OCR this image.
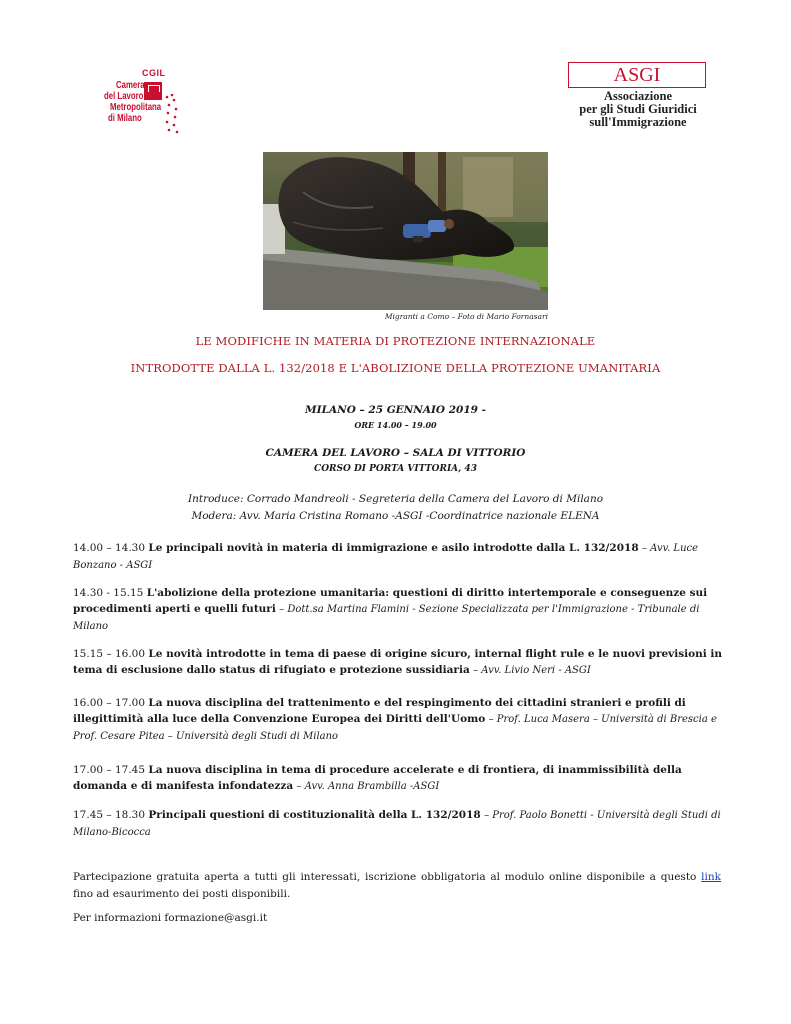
CGIL
Camera
del Lavoro
Metropolitana
di Milano
ASGI
Associazione
per gli Studi Giuridici
sull'Immigrazione
Migranti a Como – Foto di Mario Fornasari
LE MODIFICHE IN MATERIA DI PROTEZIONE INTERNAZIONALE
INTRODOTTE DALLA L. 132/2018 E L'ABOLIZIONE DELLA PROTEZIONE UMANITARIA
MILANO – 25 GENNAIO 2019 -
ORE 14.00 – 19.00
CAMERA DEL LAVORO – SALA DI VITTORIO
CORSO DI PORTA VITTORIA, 43
Introduce: Corrado Mandreoli - Segreteria della Camera del Lavoro di Milano
Modera: Avv. Maria Cristina Romano -ASGI -Coordinatrice nazionale ELENA
14.00 – 14.30 Le principali novità in materia di immigrazione e asilo introdotte dalla L. 132/2018 – Avv. Luce Bonzano - ASGI
14.30 - 15.15 L'abolizione della protezione umanitaria: questioni di diritto intertemporale e conseguenze sui procedimenti aperti e quelli futuri – Dott.sa Martina Flamini - Sezione Specializzata per l'Immigrazione - Tribunale di Milano
15.15 – 16.00 Le novità introdotte in tema di paese di origine sicuro, internal flight rule e le nuovi previsioni in tema di esclusione dallo status di rifugiato e protezione sussidiaria – Avv. Livio Neri - ASGI
16.00 – 17.00 La nuova disciplina del trattenimento e del respingimento dei cittadini stranieri e profili di illegittimità alla luce della Convenzione Europea dei Diritti dell'Uomo – Prof. Luca Masera – Università di Brescia e Prof. Cesare Pitea – Università degli Studi di Milano
17.00 – 17.45 La nuova disciplina in tema di procedure accelerate e di frontiera, di inammissibilità della domanda e di manifesta infondatezza – Avv. Anna Brambilla -ASGI
17.45 – 18.30 Principali questioni di costituzionalità della L. 132/2018 – Prof. Paolo Bonetti - Università degli Studi di Milano-Bicocca
Partecipazione gratuita aperta a tutti gli interessati, iscrizione obbligatoria al modulo online disponibile a questo link fino ad esaurimento dei posti disponibili.
Per informazioni formazione@asgi.it
